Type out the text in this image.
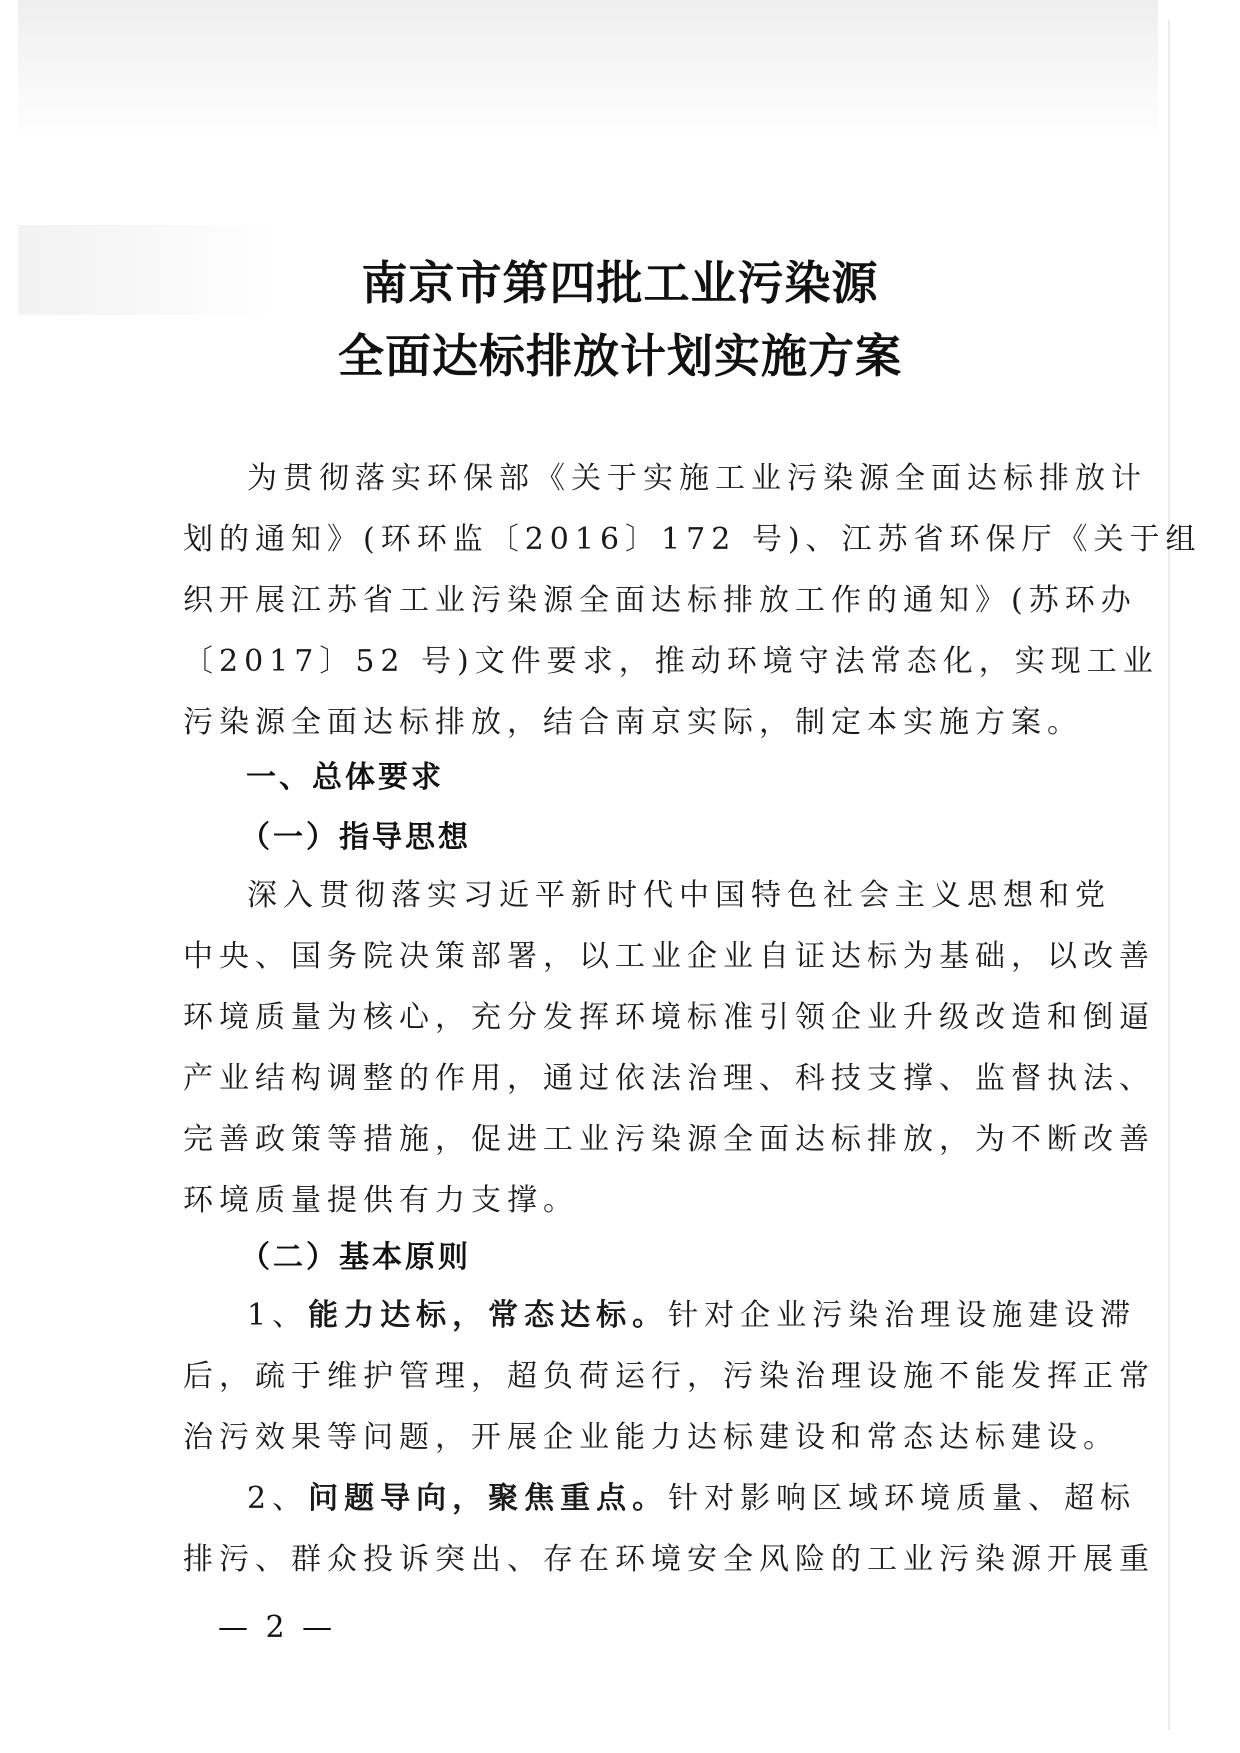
南京市第四批工业污染源
全面达标排放计划实施方案
为贯彻落实环保部《关于实施工业污染源全面达标排放计
划的通知》(环环监〔2016〕172 号)、江苏省环保厅《关于组
织开展江苏省工业污染源全面达标排放工作的通知》(苏环办
〔2017〕52 号)文件要求，推动环境守法常态化，实现工业
污染源全面达标排放，结合南京实际，制定本实施方案。
一、总体要求
（一）指导思想
深入贯彻落实习近平新时代中国特色社会主义思想和党
中央、国务院决策部署，以工业企业自证达标为基础，以改善
环境质量为核心，充分发挥环境标准引领企业升级改造和倒逼
产业结构调整的作用，通过依法治理、科技支撑、监督执法、
完善政策等措施，促进工业污染源全面达标排放，为不断改善
环境质量提供有力支撑。
（二）基本原则
1、能力达标，常态达标。针对企业污染治理设施建设滞
后，疏于维护管理，超负荷运行，污染治理设施不能发挥正常
治污效果等问题，开展企业能力达标建设和常态达标建设。
2、问题导向，聚焦重点。针对影响区域环境质量、超标
排污、群众投诉突出、存在环境安全风险的工业污染源开展重
— 2 —
